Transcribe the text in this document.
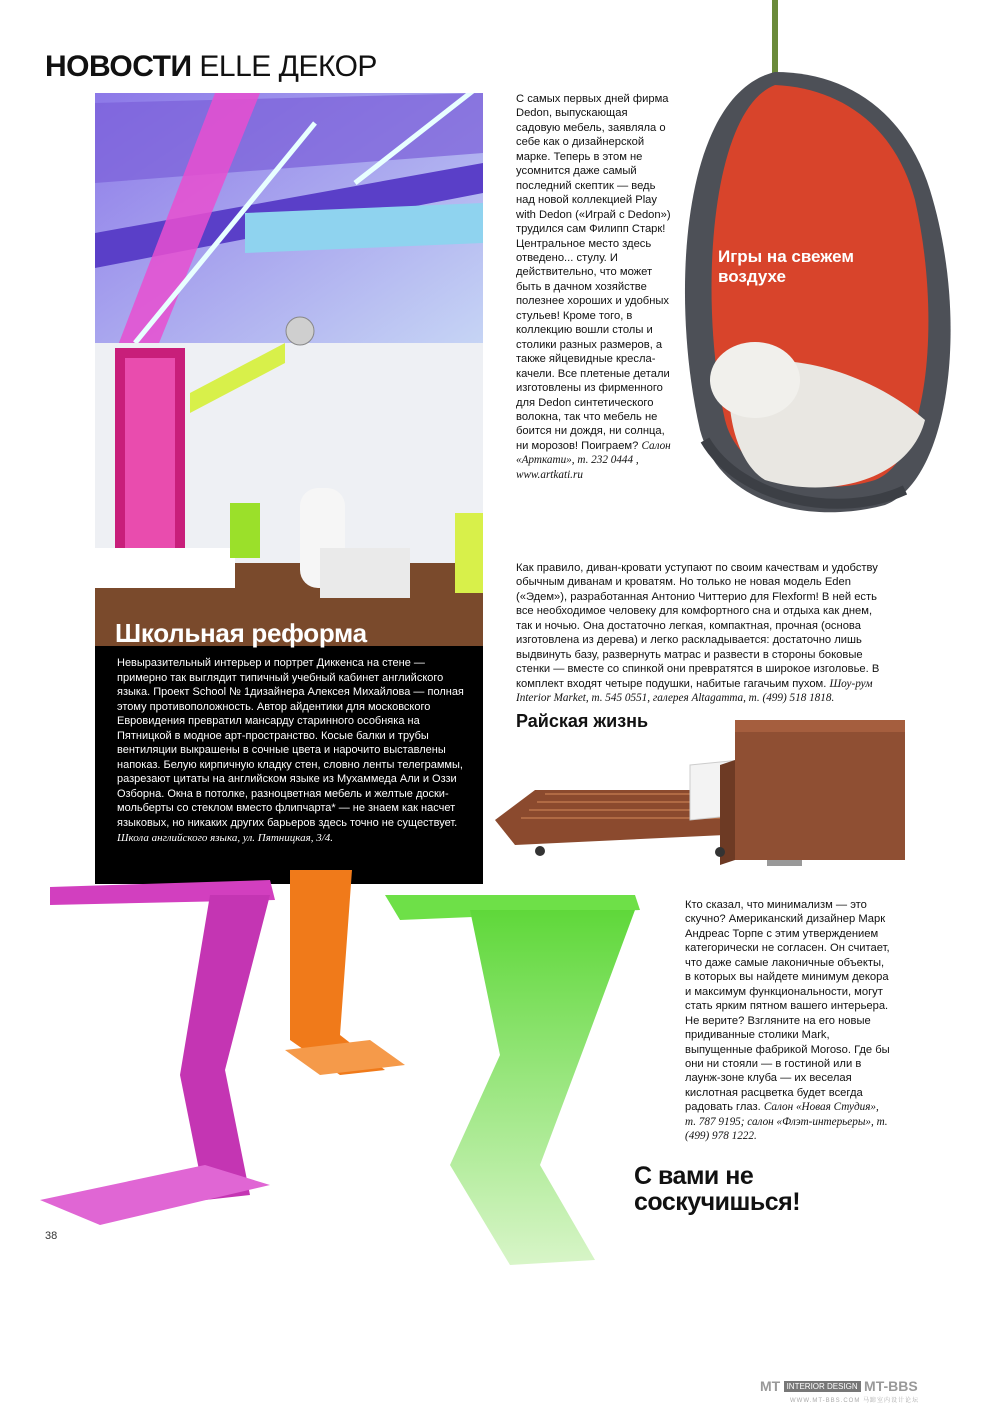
НОВОСТИ ELLE ДЕКОР
Школьная реформа
Невыразительный интерьер и портрет Диккенса на стене — примерно так выглядит типичный учебный кабинет английского языка. Проект School № 1дизайнера Алексея Михайлова — полная этому противоположность. Автор айдентики для московского Евровидения превратил мансарду старинного особняка на Пятницкой в модное арт-пространство. Косые балки и трубы вентиляции выкрашены в сочные цвета и нарочито выставлены напоказ. Белую кирпичную кладку стен, словно ленты телеграммы, разрезают цитаты на английском языке из Мухаммеда Али и Оззи Озборна. Окна в потолке, разноцветная мебель и желтые доски-мольберты со стеклом вместо флипчарта* — не знаем как насчет языковых, но никаких других барьеров здесь точно не существует. Школа английского языка, ул. Пятницкая, 3/4.
С самых первых дней фирма Dedon, выпускающая садовую мебель, заявляла о себе как о дизайнерской марке. Теперь в этом не усомнится даже самый последний скептик — ведь над новой коллекцией Play with Dedon («Играй с Dedon») трудился сам Филипп Старк! Центральное место здесь отведено... стулу. И действительно, что может быть в дачном хозяйстве полезнее хороших и удобных стульев! Кроме того, в коллекцию вошли столы и столики разных размеров, а также яйцевидные кресла-качели. Все плетеные детали изготовлены из фирменного для Dedon синтетического волокна, так что мебель не боится ни дождя, ни солнца, ни морозов! Поиграем? Салон «Арткати», т. 232 0444 , www.artkati.ru
Игры на свежем воздухе
Как правило, диван-кровати уступают по своим качествам и удобству обычным диванам и кроватям. Но только не новая модель Eden («Эдем»), разработанная Антонио Читтерио для Flexform! В ней есть все необходимое человеку для комфортного сна и отдыха как днем, так и ночью. Она достаточно легкая, компактная, прочная (основа изготовлена из дерева) и легко раскладывается: достаточно лишь выдвинуть базу, развернуть матрас и развести в стороны боковые стенки — вместе со спинкой они превратятся в широкое изголовье. В комплект входят четыре подушки, набитые гагачьим пухом. Шоу-рум Interior Market, т. 545 0551, галерея Altagamma, т. (499) 518 1818.
Райская жизнь
Кто сказал, что минимализм — это скучно? Американский дизайнер Марк Андреас Торпе с этим утверждением категорически не согласен. Он считает, что даже самые лаконичные объекты, в которых вы найдете минимум декора и максимум функциональности, могут стать ярким пятном вашего интерьера. Не верите? Взгляните на его новые придиванные столики Mark, выпущенные фабрикой Moroso. Где бы они ни стояли — в гостиной или в лаунж-зоне клуба — их веселая кислотная расцветка будет всегда радовать глаз. Салон «Новая Студия», т. 787 9195; салон «Флэт-интерьеры», т. (499) 978 1222.
С вами не соскучишься!
38
MT INTERIOR DESIGN MT-BBS
WWW.MT-BBS.COM 马蹄室内设计论坛
